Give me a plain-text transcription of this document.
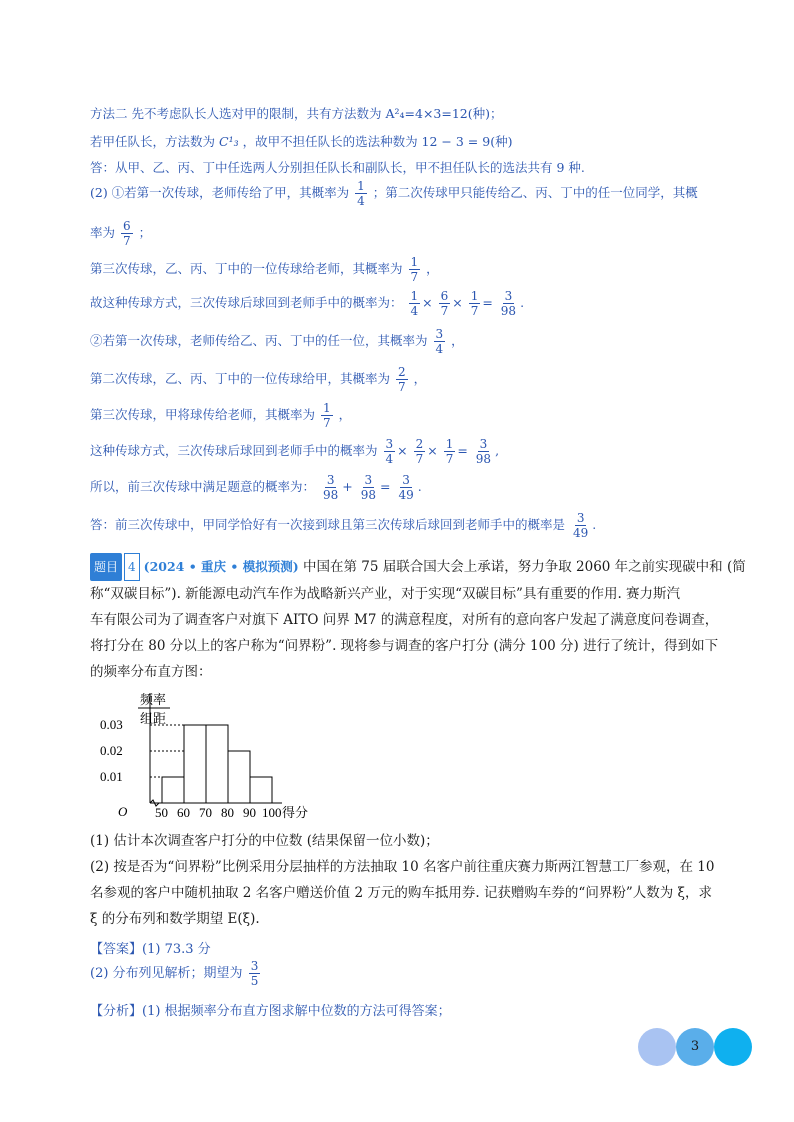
方法二 先不考虑队长人选对甲的限制，共有方法数为 A²₄=4×3=12(种)；
若甲任队长，方法数为 C¹₃ ，故甲不担任队长的选法种数为 12 − 3 = 9(种)
答：从甲、乙、丙、丁中任选两人分别担任队长和副队长，甲不担任队长的选法共有 9 种.
(2) ①若第一次传球，老师传给了甲，其概率为 $\frac{1}{4}$ ；第二次传球甲只能传给乙、丙、丁中的任一位同学，其概
率为 $\frac{6}{7}$ ；
第三次传球，乙、丙、丁中的一位传球给老师，其概率为 $\frac{1}{7}$ ，
故这种传球方式，三次传球后球回到老师手中的概率为： $\frac{1}{4} \times \frac{6}{7} \times \frac{1}{7} = \frac{3}{98}$ .
②若第一次传球，老师传给乙、丙、丁中的任一位，其概率为 $\frac{3}{4}$ ，
第二次传球，乙、丙、丁中的一位传球给甲，其概率为 $\frac{2}{7}$ ，
第三次传球，甲将球传给老师，其概率为 $\frac{1}{7}$ ，
这种传球方式，三次传球后球回到老师手中的概率为 $\frac{3}{4} \times \frac{2}{7} \times \frac{1}{7} = \frac{3}{98}$ ,
所以，前三次传球中满足题意的概率为： $\frac{3}{98} + \frac{3}{98} = \frac{3}{49}$ .
答：前三次传球中，甲同学恰好有一次接到球且第三次传球后球回到老师手中的概率是 $\frac{3}{49}$ .
题目 4 (2024 • 重庆 • 模拟预测) 中国在第 75 届联合国大会上承诺，努力争取 2060 年之前实现碳中和 (简
称“双碳目标”). 新能源电动汽车作为战略新兴产业，对于实现“双碳目标”具有重要的作用. 赛力斯汽
车有限公司为了调查客户对旗下 AITO 问界 M7 的满意程度，对所有的意向客户发起了满意度问卷调查，
将打分在 80 分以上的客户称为“问界粉”. 现将参与调查的客户打分 (满分 100 分) 进行了统计，得到如下
的频率分布直方图：
频率
组距
0.01
0.02
0.03
50 60 70 80 90 100
O	得分
(1) 估计本次调查客户打分的中位数 (结果保留一位小数)；
(2) 按是否为“问界粉”比例采用分层抽样的方法抽取 10 名客户前往重庆赛力斯两江智慧工厂参观，在 10
名参观的客户中随机抽取 2 名客户赠送价值 2 万元的购车抵用券. 记获赠购车券的“问界粉”人数为 ξ，求
ξ 的分布列和数学期望 E(ξ).
【答案】(1) 73.3 分
(2) 分布列见解析；期望为 $\frac{3}{5}$
【分析】(1) 根据频率分布直方图求解中位数的方法可得答案；
3
